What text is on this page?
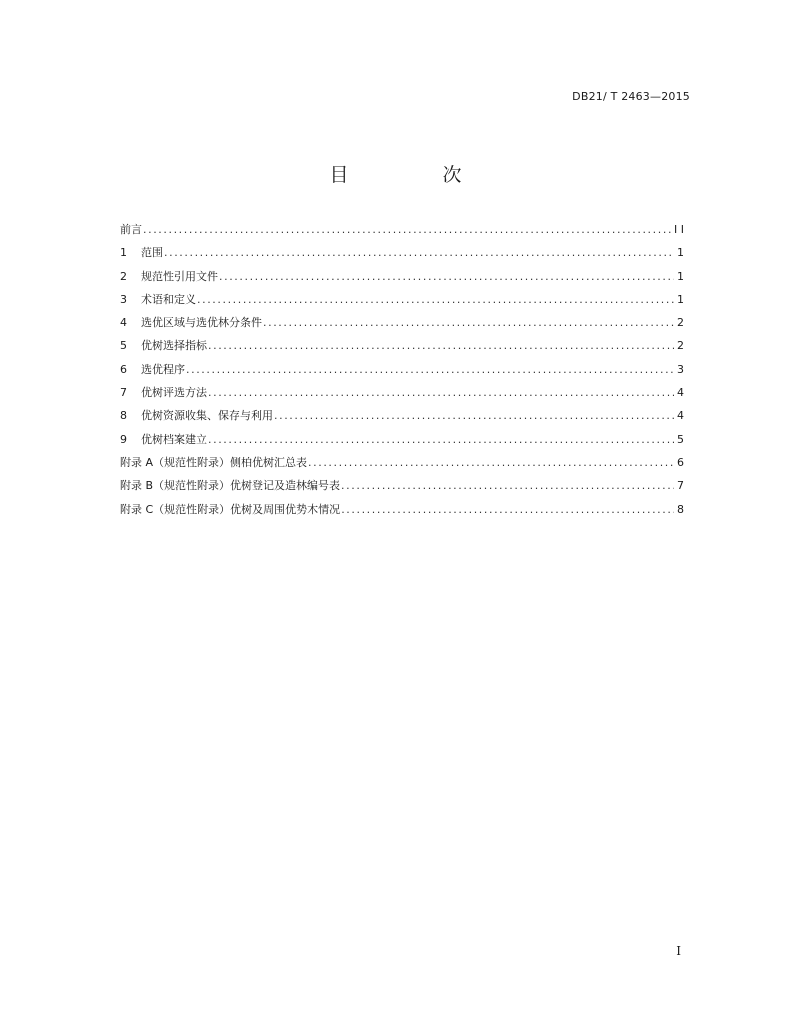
DB21/ T 2463—2015
目 次
前言 .....	I I
1	范围 .....	1
2	规范性引用文件 .....	1
3	术语和定义 .....	1
4	选优区域与选优林分条件 .....	2
5	优树选择指标 .....	2
6	选优程序 .....	3
7	优树评选方法 .....	4
8	优树资源收集、保存与利用 .....	4
9	优树档案建立 .....	5
附录 A（规范性附录）侧柏优树汇总表 .....	6
附录 B（规范性附录）优树登记及造林编号表 .....	7
附录 C（规范性附录）优树及周围优势木情况 .....	8
I
